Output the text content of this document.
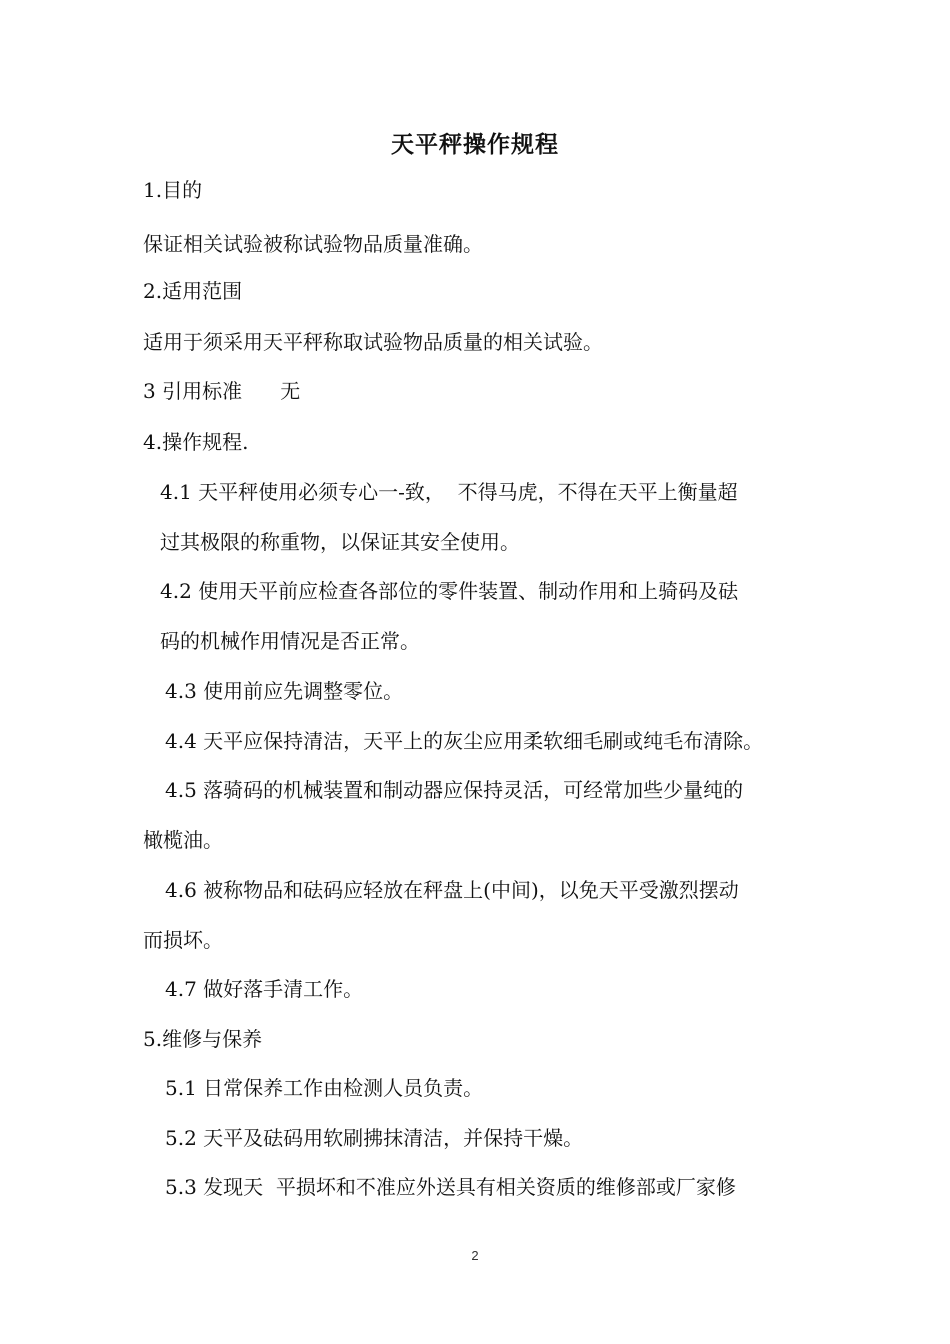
天平秤操作规程
1.目的
保证相关试验被称试验物品质量准确。
2.适用范围
适用于须采用天平秤称取试验物品质量的相关试验。
3 引用标准      无
4.操作规程.
4.1 天平秤使用必须专心一-致，  不得马虎，不得在天平上衡量超
过其极限的称重物，以保证其安全使用。
4.2 使用天平前应检查各部位的零件装置、制动作用和上骑码及砝
码的机械作用情况是否正常。
4.3 使用前应先调整零位。
4.4 天平应保持清洁，天平上的灰尘应用柔软细毛刷或纯毛布清除。
4.5 落骑码的机械装置和制动器应保持灵活，可经常加些少量纯的
橄榄油。
4.6 被称物品和砝码应轻放在秤盘上(中间)，以免天平受激烈摆动
而损坏。
4.7 做好落手清工作。
5.维修与保养
5.1 日常保养工作由检测人员负责。
5.2 天平及砝码用软刷拂抹清洁，并保持干燥。
5.3 发现天  平损坏和不准应外送具有相关资质的维修部或厂家修
2
